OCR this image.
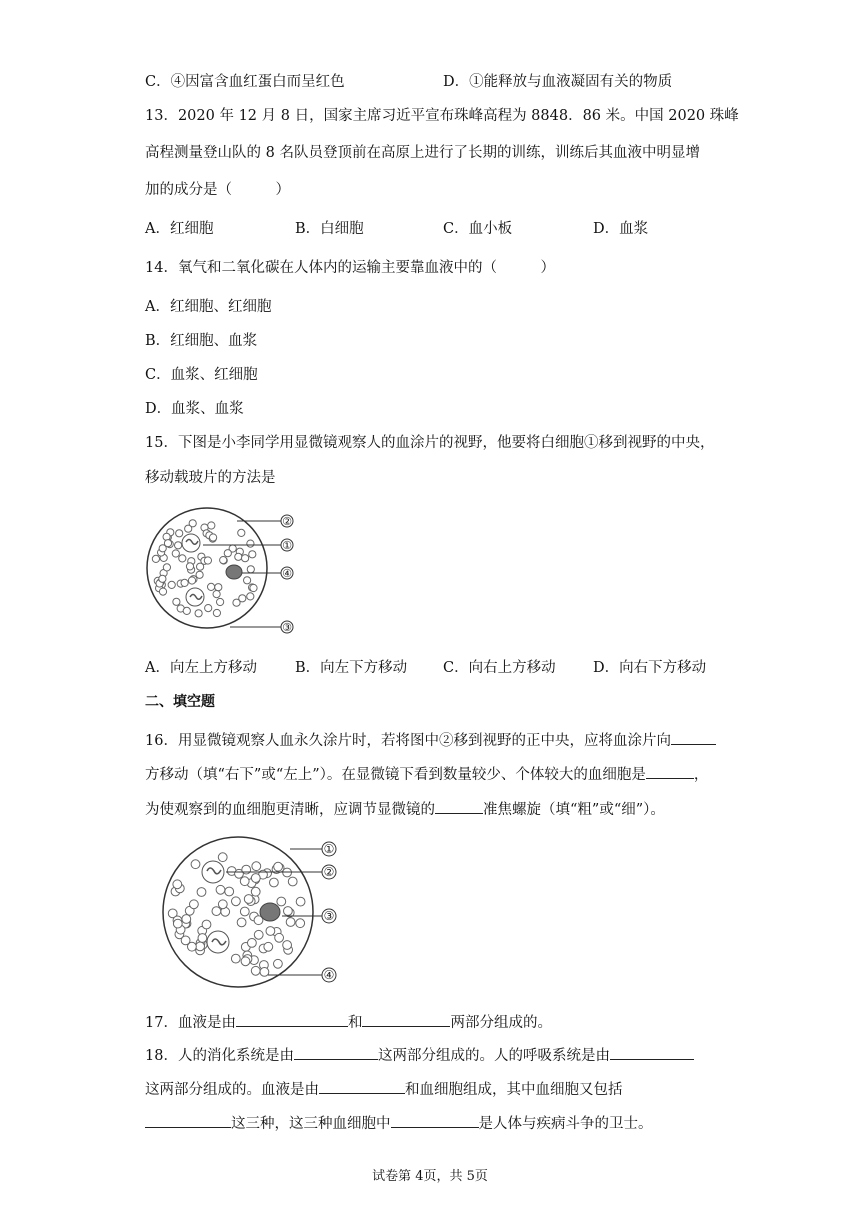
C．④因富含血红蛋白而呈红色	D．①能释放与血液凝固有关的物质
13．2020 年 12 月 8 日，国家主席习近平宣布珠峰高程为 8848．86 米。中国 2020 珠峰
高程测量登山队的 8 名队员登顶前在高原上进行了长期的训练，训练后其血液中明显增
加的成分是（　　　）
A．红细胞	B．白细胞	C．血小板	D．血浆
14．氧气和二氧化碳在人体内的运输主要靠血液中的（　　　）
A．红细胞、红细胞
B．红细胞、血浆
C．血浆、红细胞
D．血浆、血浆
15．下图是小李同学用显微镜观察人的血涂片的视野，他要将白细胞①移到视野的中央，
移动载玻片的方法是
②
①
④
③
A．向左上方移动	B．向左下方移动 C．向右上方移动	D．向右下方移动
二、填空题
16．用显微镜观察人血永久涂片时，若将图中②移到视野的正中央，应将血涂片向
方移动（填“右下”或“左上”）。在显微镜下看到数量较少、个体较大的血细胞是	，
为使观察到的血细胞更清晰，应调节显微镜的	准焦螺旋（填“粗”或“细”）。
①
②
③
④
17．血液是由	和	两部分组成的。
18．人的消化系统是由	这两部分组成的。人的呼吸系统是由
这两部分组成的。血液是由	和血细胞组成，其中血细胞又包括
这三种，这三种血细胞中	是人体与疾病斗争的卫士。
试卷第 4页，共 5页
